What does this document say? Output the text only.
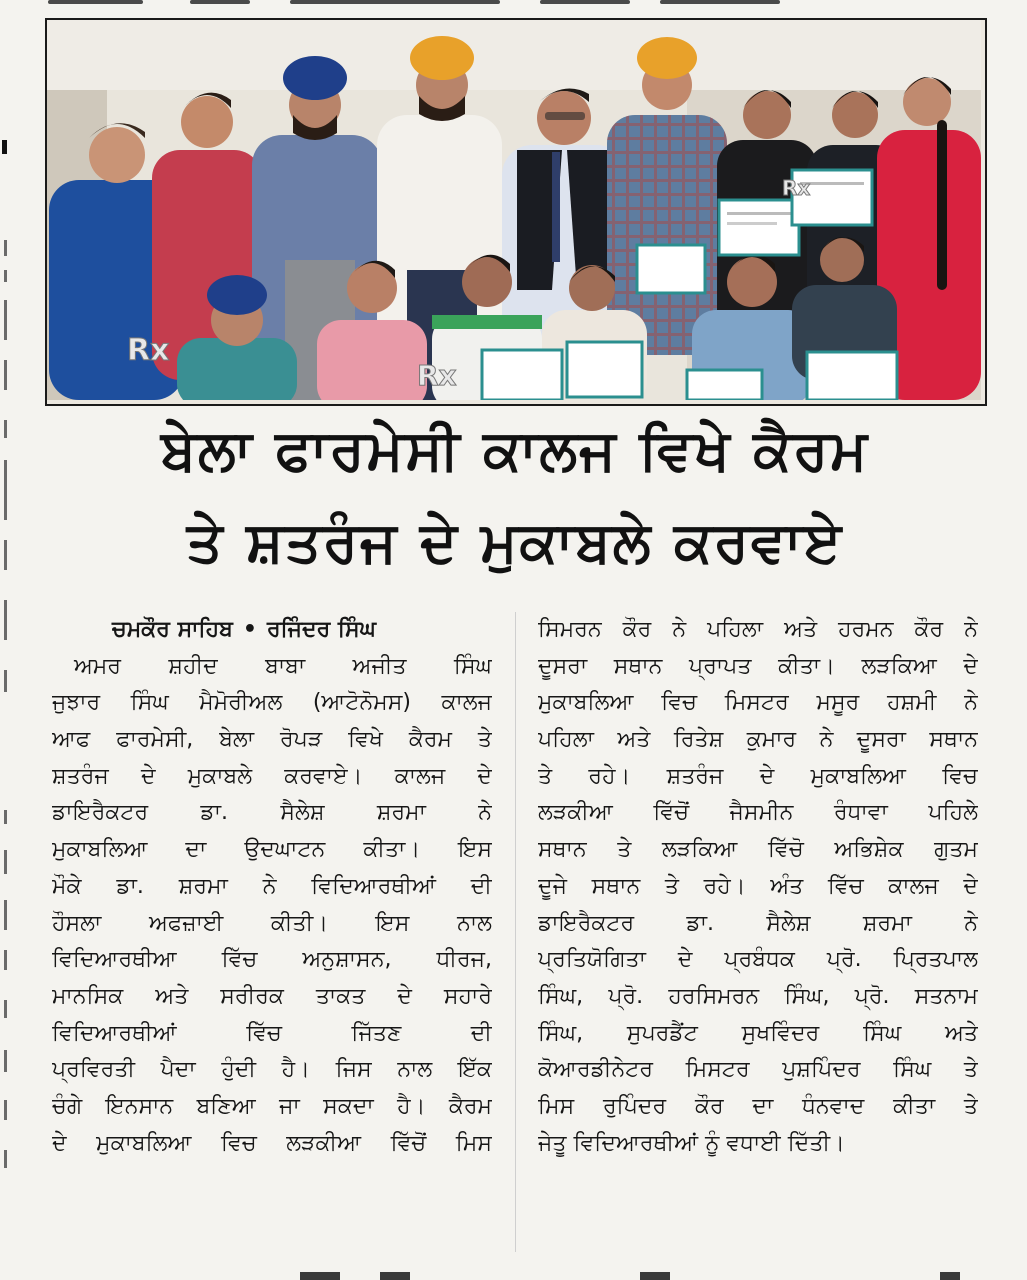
Rx
Rx
Rx
ਬੇਲਾ ਫਾਰਮੇਸੀ ਕਾਲਜ ਵਿਖੇ ਕੈਰਮ
ਤੇ ਸ਼ਤਰੰਜ ਦੇ ਮੁਕਾਬਲੇ ਕਰਵਾਏ
ਚਮਕੌਰ ਸਾਹਿਬ • ਰਜਿੰਦਰ ਸਿੰਘ
ਅਮਰ ਸ਼ਹੀਦ ਬਾਬਾ ਅਜੀਤ ਸਿੰਘ
ਜੁਝਾਰ ਸਿੰਘ ਮੈਮੋਰੀਅਲ (ਆਟੋਨੋਮਸ) ਕਾਲਜ
ਆਫ ਫਾਰਮੇਸੀ, ਬੇਲਾ ਰੋਪੜ ਵਿਖੇ ਕੈਰਮ ਤੇ
ਸ਼ਤਰੰਜ ਦੇ ਮੁਕਾਬਲੇ ਕਰਵਾਏ। ਕਾਲਜ ਦੇ
ਡਾਇਰੈਕਟਰ ਡਾ. ਸੈਲੇਸ਼ ਸ਼ਰਮਾ ਨੇ
ਮੁਕਾਬਲਿਆ ਦਾ ਉਦਘਾਟਨ ਕੀਤਾ। ਇਸ
ਮੌਕੇ ਡਾ. ਸ਼ਰਮਾ ਨੇ ਵਿਦਿਆਰਥੀਆਂ ਦੀ
ਹੌਸਲਾ ਅਫਜ਼ਾਈ ਕੀਤੀ। ਇਸ ਨਾਲ
ਵਿਦਿਆਰਥੀਆ ਵਿੱਚ ਅਨੁਸ਼ਾਸਨ, ਧੀਰਜ,
ਮਾਨਸਿਕ ਅਤੇ ਸਰੀਰਕ ਤਾਕਤ ਦੇ ਸਹਾਰੇ
ਵਿਦਿਆਰਥੀਆਂ ਵਿੱਚ ਜਿੱਤਣ ਦੀ
ਪ੍ਰਵਿਰਤੀ ਪੈਦਾ ਹੁੰਦੀ ਹੈ। ਜਿਸ ਨਾਲ ਇੱਕ
ਚੰਗੇ ਇਨਸਾਨ ਬਣਿਆ ਜਾ ਸਕਦਾ ਹੈ। ਕੈਰਮ
ਦੇ ਮੁਕਾਬਲਿਆ ਵਿਚ ਲੜਕੀਆ ਵਿੱਚੋਂ ਮਿਸ
ਸਿਮਰਨ ਕੌਰ ਨੇ ਪਹਿਲਾ ਅਤੇ ਹਰਮਨ ਕੌਰ ਨੇ
ਦੂਸਰਾ ਸਥਾਨ ਪ੍ਰਾਪਤ ਕੀਤਾ। ਲੜਕਿਆ ਦੇ
ਮੁਕਾਬਲਿਆ ਵਿਚ ਮਿਸਟਰ ਮਸੂਰ ਹਸ਼ਮੀ ਨੇ
ਪਹਿਲਾ ਅਤੇ ਰਿਤੇਸ਼ ਕੁਮਾਰ ਨੇ ਦੂਸਰਾ ਸਥਾਨ
ਤੇ ਰਹੇ। ਸ਼ਤਰੰਜ ਦੇ ਮੁਕਾਬਲਿਆ ਵਿਚ
ਲੜਕੀਆ ਵਿੱਚੋਂ ਜੈਸਮੀਨ ਰੰਧਾਵਾ ਪਹਿਲੇ
ਸਥਾਨ ਤੇ ਲੜਕਿਆ ਵਿੱਚੋ ਅਭਿਸ਼ੇਕ ਗੁਤਮ
ਦੂਜੇ ਸਥਾਨ ਤੇ ਰਹੇ। ਅੰਤ ਵਿੱਚ ਕਾਲਜ ਦੇ
ਡਾਇਰੈਕਟਰ ਡਾ. ਸੈਲੇਸ਼ ਸ਼ਰਮਾ ਨੇ
ਪ੍ਰਤਿਯੋਗਿਤਾ ਦੇ ਪ੍ਰਬੰਧਕ ਪ੍ਰੋ. ਪ੍ਰਿਤਪਾਲ
ਸਿੰਘ, ਪ੍ਰੋ. ਹਰਸਿਮਰਨ ਸਿੰਘ, ਪ੍ਰੋ. ਸਤਨਾਮ
ਸਿੰਘ, ਸੁਪਰਡੈਂਟ ਸੁਖਵਿੰਦਰ ਸਿੰਘ ਅਤੇ
ਕੋਆਰਡੀਨੇਟਰ ਮਿਸਟਰ ਪੁਸ਼ਪਿੰਦਰ ਸਿੰਘ ਤੇ
ਮਿਸ ਰੁਪਿੰਦਰ ਕੌਰ ਦਾ ਧੰਨਵਾਦ ਕੀਤਾ ਤੇ
ਜੇਤੂ ਵਿਦਿਆਰਥੀਆਂ ਨੂੰ ਵਧਾਈ ਦਿੱਤੀ।
